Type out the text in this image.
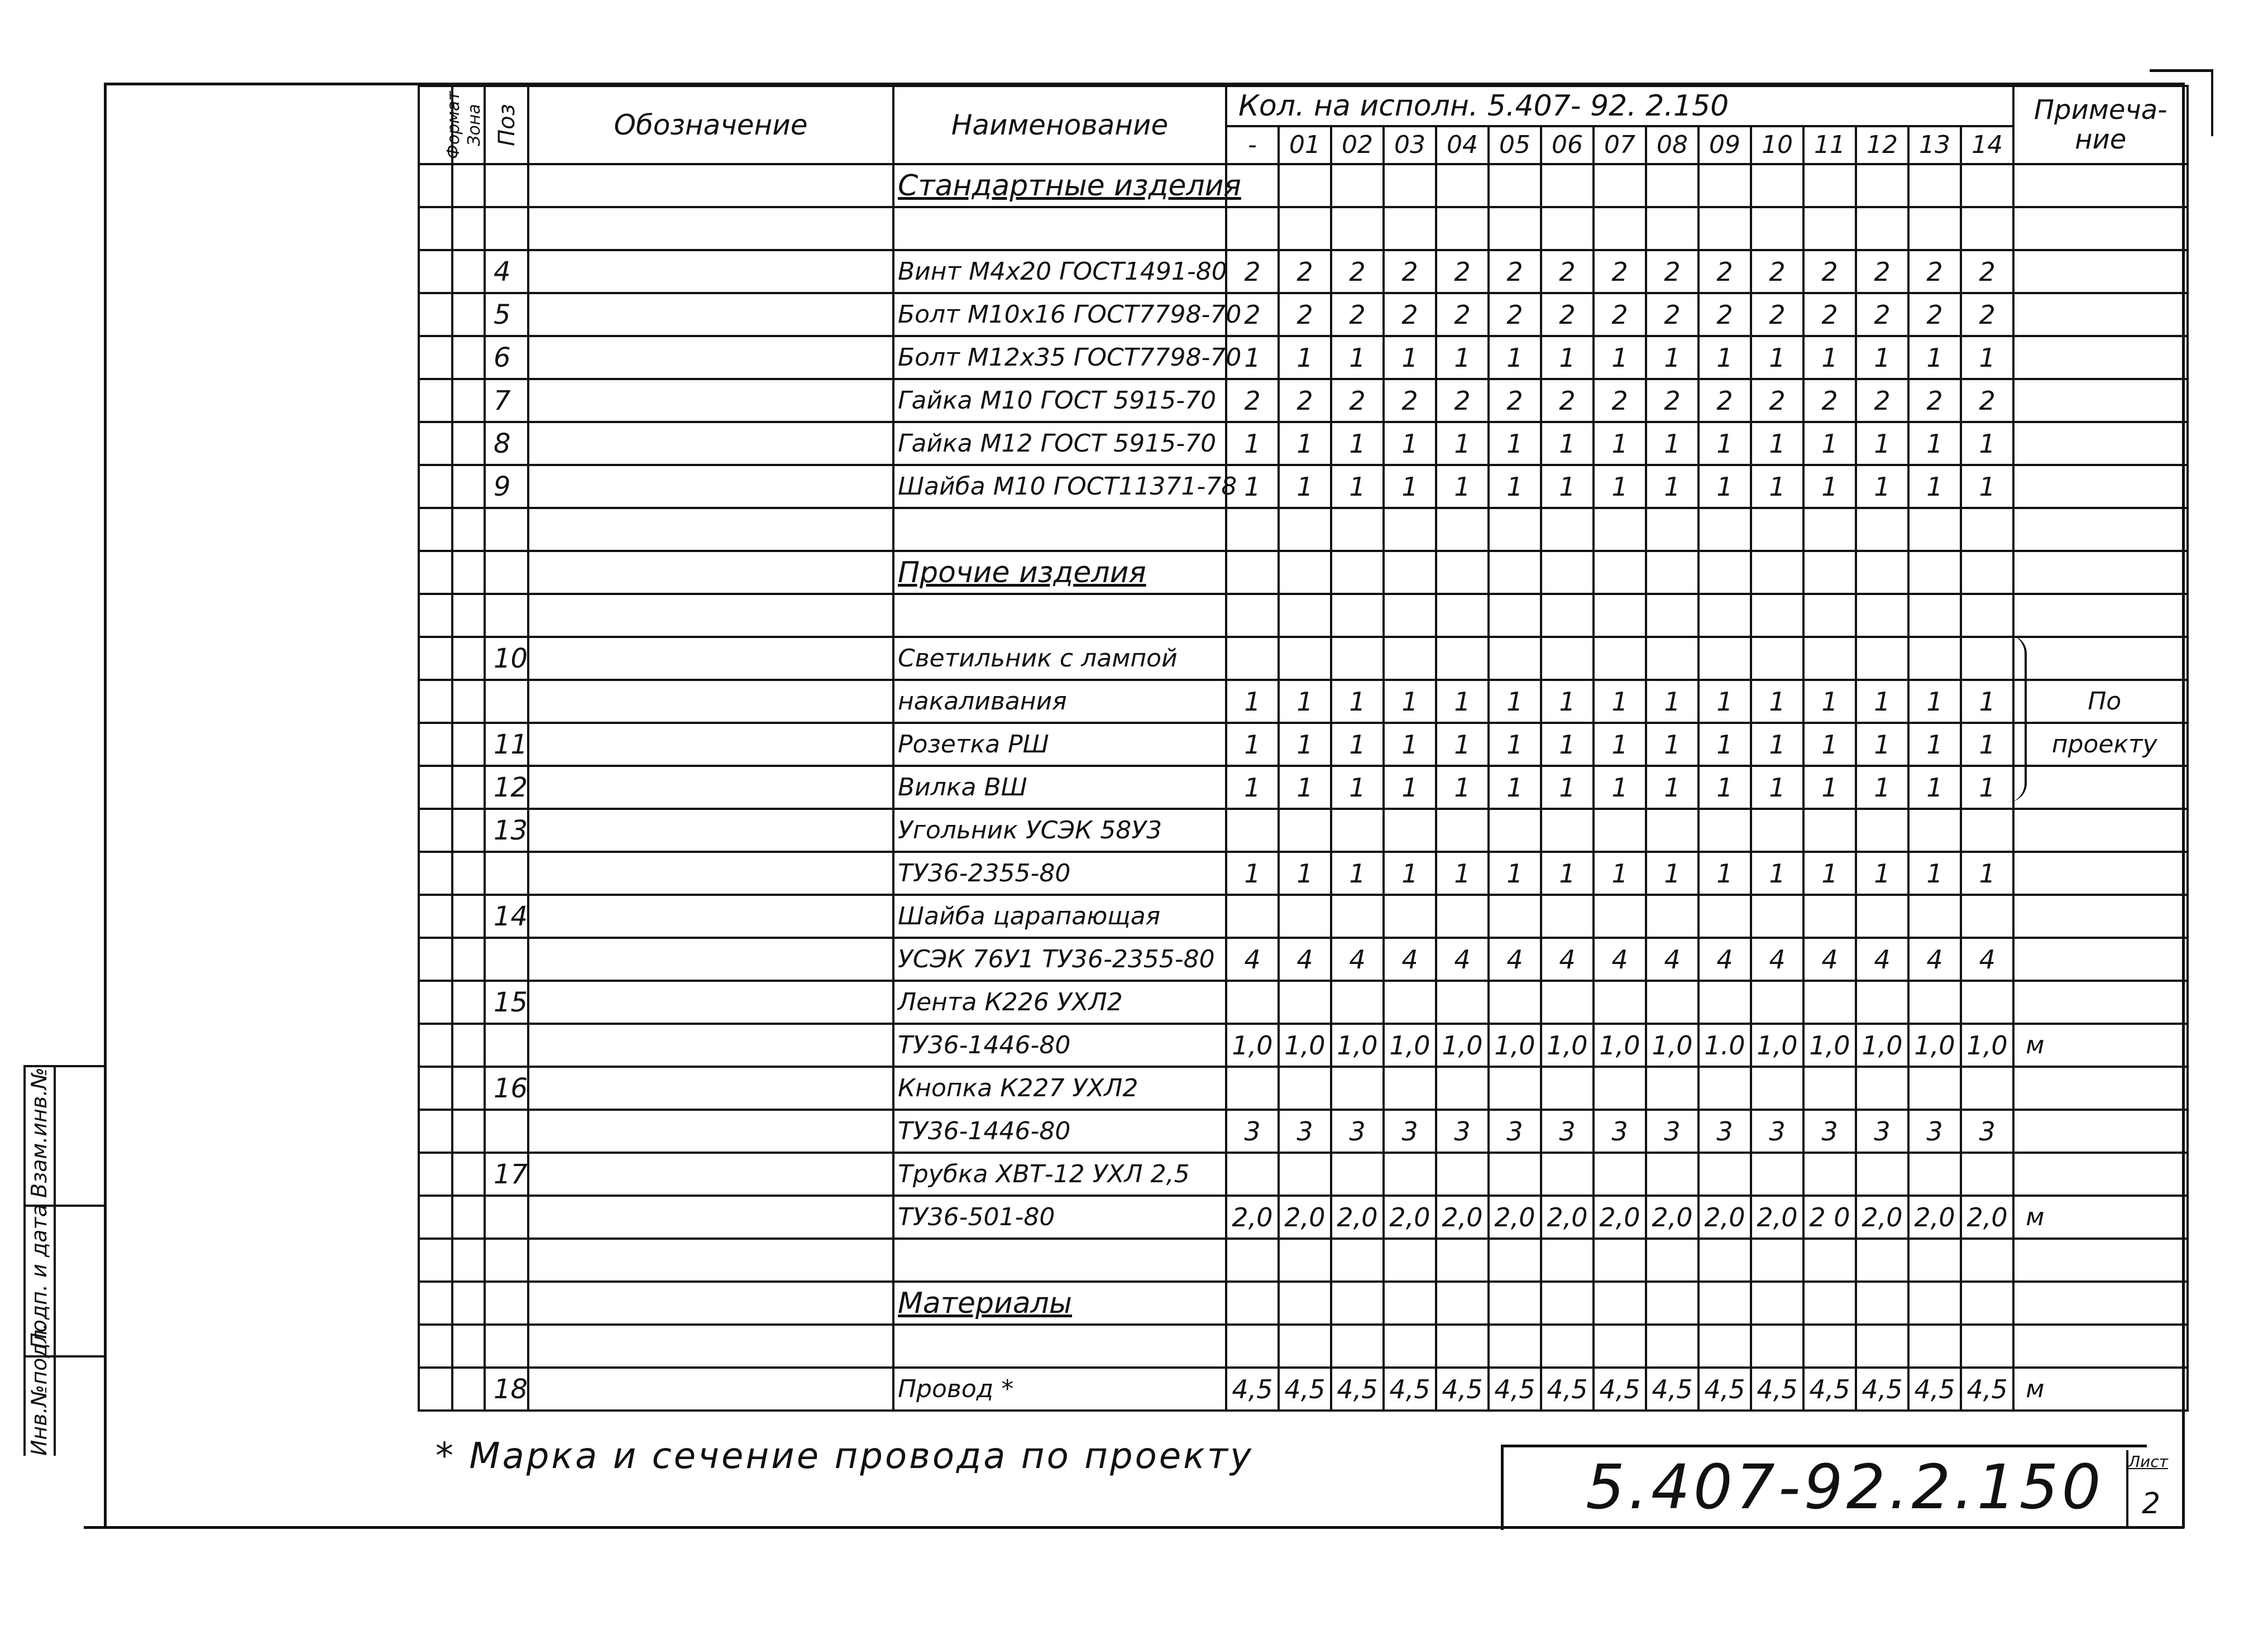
Взам.инв.№
Подп. и дата
Инв.№подл.
Формат	Зона	Поз	Обозначение	Наименование	Кол. на исполн. 5.407- 92. 2.150															Примеча-ние
					-	01	02	03	04	05	06	07	08	09	10	11	12	13	14	
				Стандартные изделия																

		4		Винт М4х20 ГОСТ1491-80	2	2	2	2	2	2	2	2	2	2	2	2	2	2	2	
		5		Болт М10х16 ГОСТ7798-70	2	2	2	2	2	2	2	2	2	2	2	2	2	2	2	
		6		Болт М12х35 ГОСТ7798-70	1	1	1	1	1	1	1	1	1	1	1	1	1	1	1	
		7		Гайка М10 ГОСТ 5915-70	2	2	2	2	2	2	2	2	2	2	2	2	2	2	2	
		8		Гайка М12 ГОСТ 5915-70	1	1	1	1	1	1	1	1	1	1	1	1	1	1	1	
		9		Шайба М10 ГОСТ11371-78	1	1	1	1	1	1	1	1	1	1	1	1	1	1	1	

				Прочие изделия																

		10		Светильник с лампой																
				накаливания	1	1	1	1	1	1	1	1	1	1	1	1	1	1	1	По
		11		Розетка РШ	1	1	1	1	1	1	1	1	1	1	1	1	1	1	1	проекту
		12		Вилка ВШ	1	1	1	1	1	1	1	1	1	1	1	1	1	1	1	
		13		Угольник УСЭК 58У3																
				ТУ36-2355-80	1	1	1	1	1	1	1	1	1	1	1	1	1	1	1	
		14		Шайба царапающая																
				УСЭК 76У1 ТУ36-2355-80	4	4	4	4	4	4	4	4	4	4	4	4	4	4	4	
		15		Лента К226 УХЛ2																
				ТУ36-1446-80	1,0	1,0	1,0	1,0	1,0	1,0	1,0	1,0	1,0	1.0	1,0	1,0	1,0	1,0	1,0	м
		16		Кнопка К227 УХЛ2																
				ТУ36-1446-80	3	3	3	3	3	3	3	3	3	3	3	3	3	3	3	
		17		Трубка ХВТ-12 УХЛ 2,5																
				ТУ36-501-80	2,0	2,0	2,0	2,0	2,0	2,0	2,0	2,0	2,0	2,0	2,0	2 0	2,0	2,0	2,0	м

				Материалы																

		18		Провод *	4,5	4,5	4,5	4,5	4,5	4,5	4,5	4,5	4,5	4,5	4,5	4,5	4,5	4,5	4,5	м
* Марка и сечение провода по проекту	5.407-92.2.150 Лист
2
